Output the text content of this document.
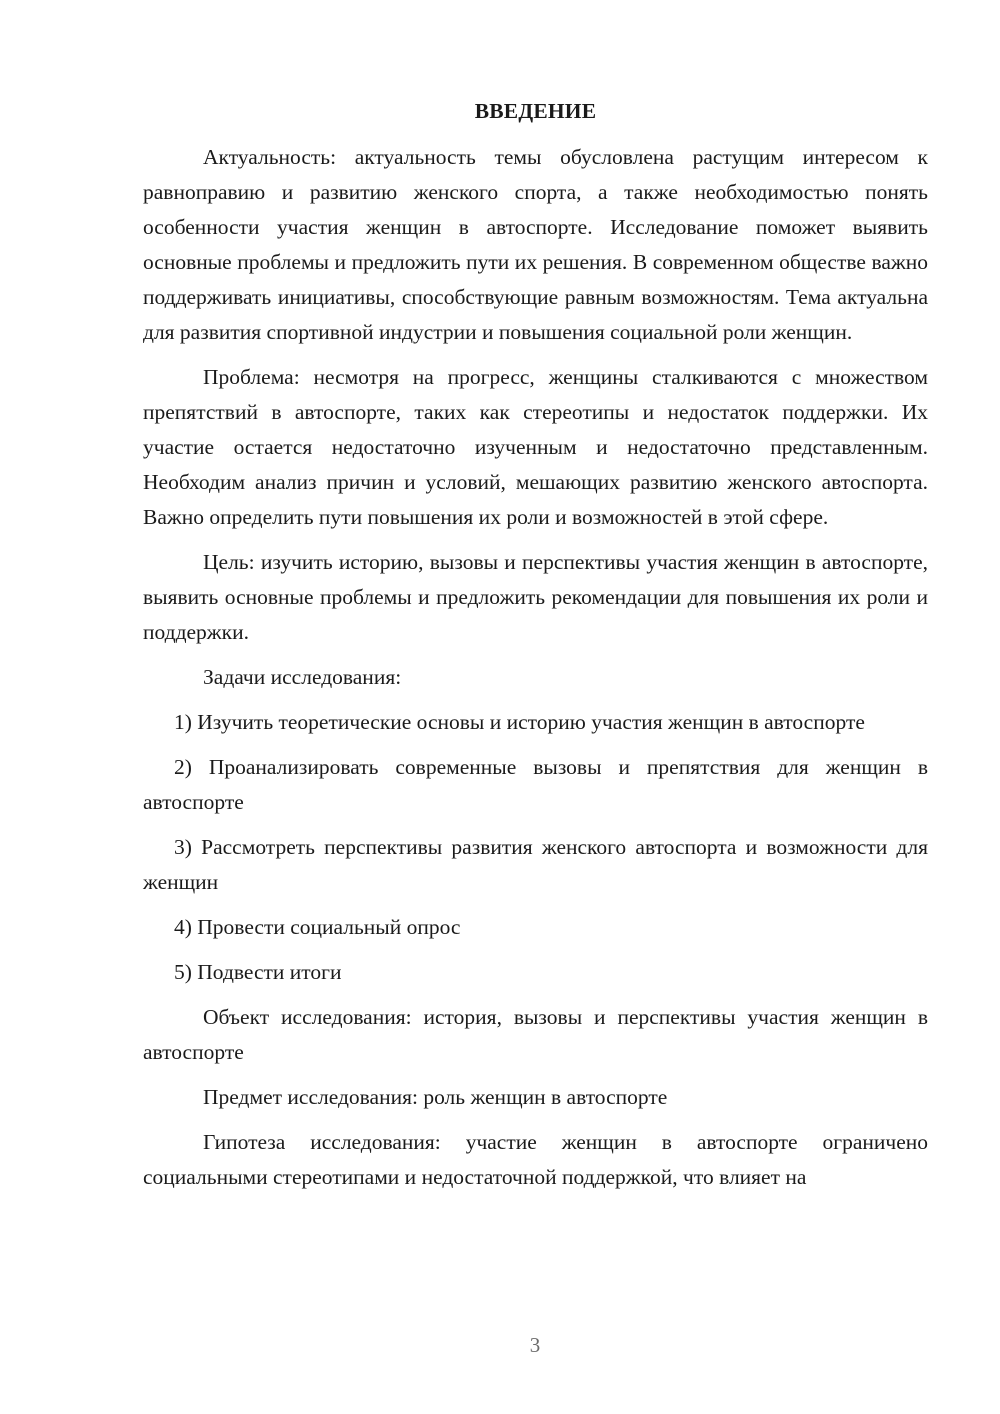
ВВЕДЕНИЕ

Актуальность: актуальность темы обусловлена растущим интересом к равноправию и развитию женского спорта, а также необходимостью понять особенности участия женщин в автоспорте. Исследование поможет выявить основные проблемы и предложить пути их решения. В современном обществе важно поддерживать инициативы, способствующие равным возможностям. Тема актуальна для развития спортивной индустрии и повышения социальной роли женщин.

Проблема: несмотря на прогресс, женщины сталкиваются с множеством препятствий в автоспорте, таких как стереотипы и недостаток поддержки. Их участие остается недостаточно изученным и недостаточно представленным. Необходим анализ причин и условий, мешающих развитию женского автоспорта. Важно определить пути повышения их роли и возможностей в этой сфере.

Цель: изучить историю, вызовы и перспективы участия женщин в автоспорте, выявить основные проблемы и предложить рекомендации для повышения их роли и поддержки.

Задачи исследования:

1) Изучить теоретические основы и историю участия женщин в автоспорте

2) Проанализировать современные вызовы и препятствия для женщин в автоспорте

3) Рассмотреть перспективы развития женского автоспорта и возможности для женщин

4) Провести социальный опрос

5) Подвести итоги

Объект исследования: история, вызовы и перспективы участия женщин в автоспорте

Предмет исследования: роль женщин в автоспорте

Гипотеза исследования: участие женщин в автоспорте ограничено социальными стереотипами и недостаточной поддержкой, что влияет на

3
